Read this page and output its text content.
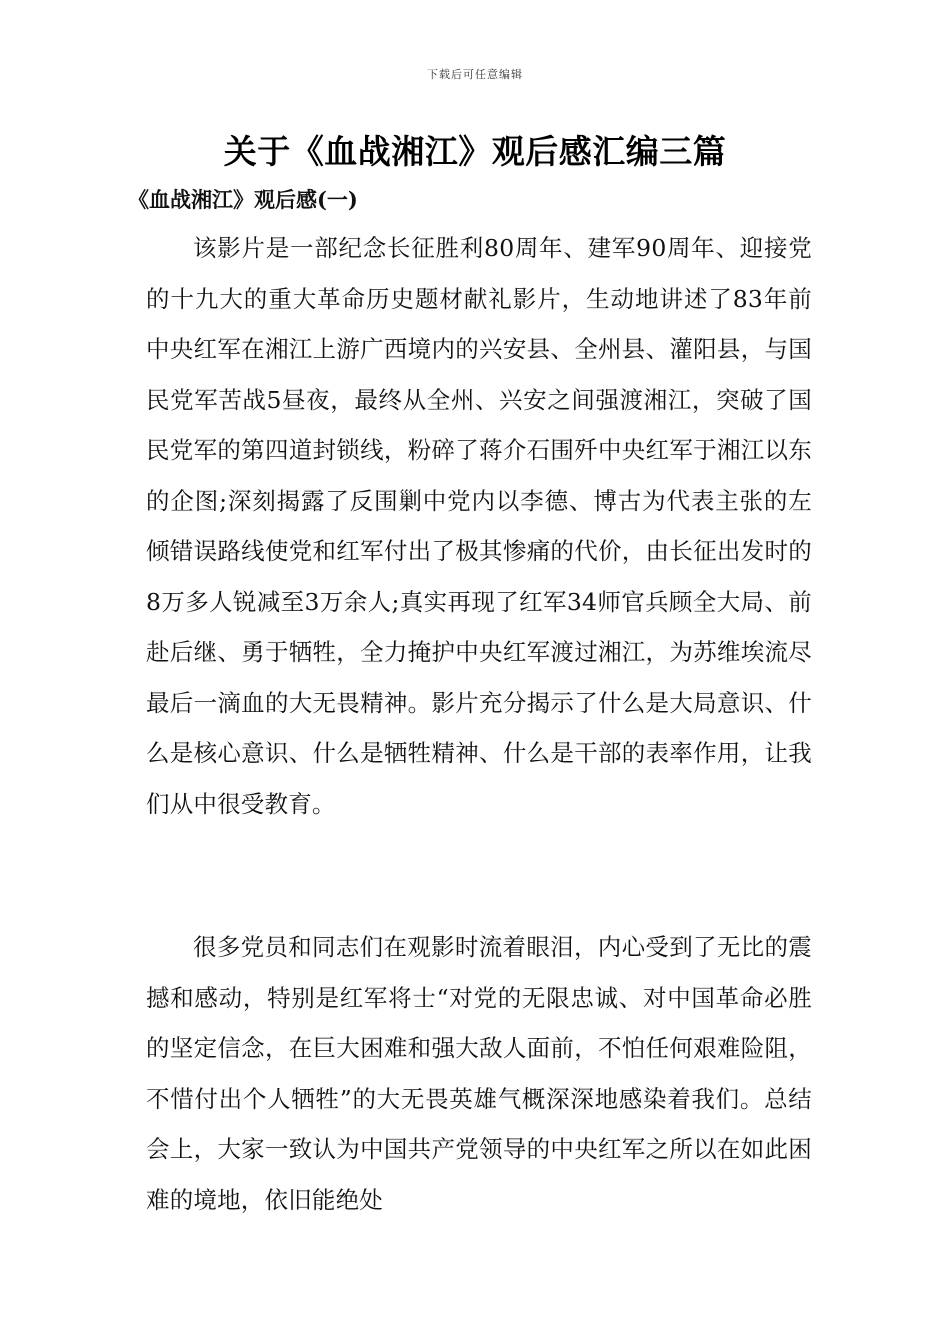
下载后可任意编辑
关于《血战湘江》观后感汇编三篇
《血战湘江》观后感(一)

该影片是一部纪念长征胜利80周年、建军90周年、迎接党的十九大的重大革命历史题材献礼影片，生动地讲述了83年前中央红军在湘江上游广西境内的兴安县、全州县、灌阳县，与国民党军苦战5昼夜，最终从全州、兴安之间强渡湘江，突破了国民党军的第四道封锁线，粉碎了蒋介石围歼中央红军于湘江以东的企图;深刻揭露了反围剿中党内以李德、博古为代表主张的左倾错误路线使党和红军付出了极其惨痛的代价，由长征出发时的8万多人锐减至3万余人;真实再现了红军34师官兵顾全大局、前赴后继、勇于牺牲，全力掩护中央红军渡过湘江，为苏维埃流尽最后一滴血的大无畏精神。影片充分揭示了什么是大局意识、什么是核心意识、什么是牺牲精神、什么是干部的表率作用，让我们从中很受教育。

很多党员和同志们在观影时流着眼泪，内心受到了无比的震撼和感动，特别是红军将士“对党的无限忠诚、对中国革命必胜的坚定信念，在巨大困难和强大敌人面前，不怕任何艰难险阻，不惜付出个人牺牲”的大无畏英雄气概深深地感染着我们。总结会上，大家一致认为中国共产党领导的中央红军之所以在如此困难的境地，依旧能绝处
